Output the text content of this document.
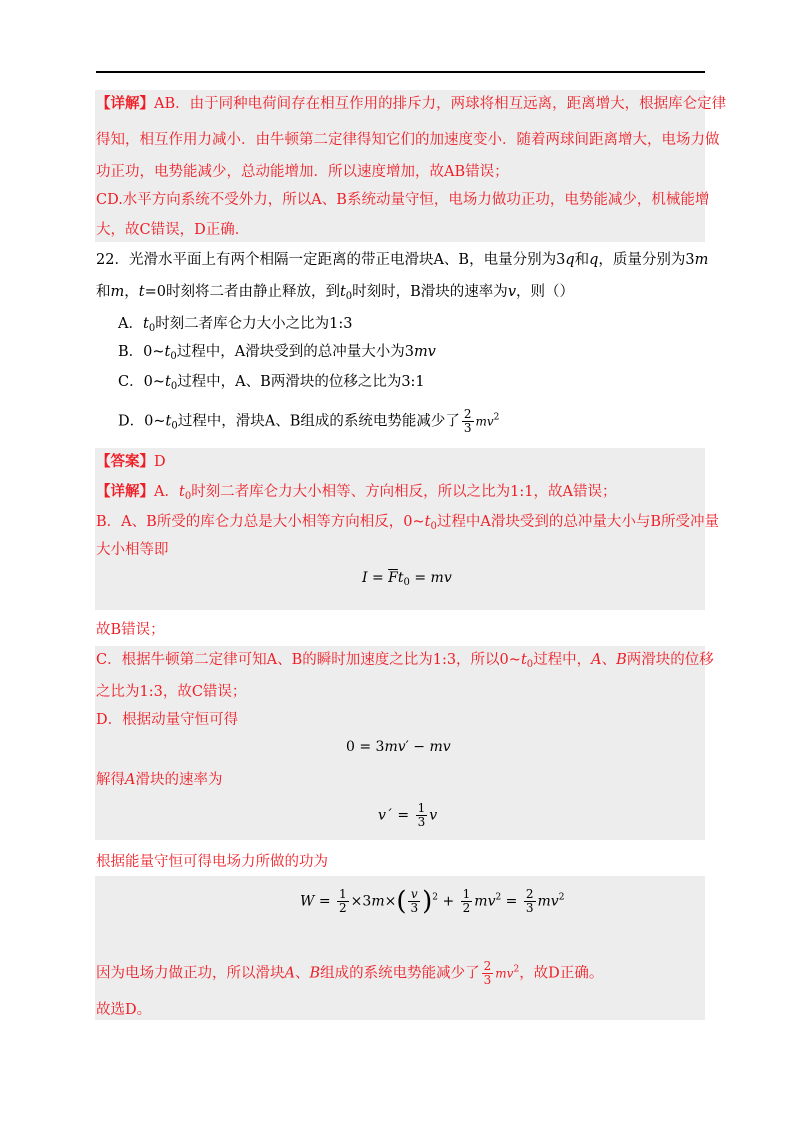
【详解】AB．由于同种电荷间存在相互作用的排斥力，两球将相互远离，距离增大，根据库仑定律
得知，相互作用力减小．由牛顿第二定律得知它们的加速度变小．随着两球间距离增大，电场力做
功正功，电势能减少，总动能增加．所以速度增加，故AB错误；
CD.水平方向系统不受外力，所以A、B系统动量守恒，电场力做功正功，电势能减少，机械能增
大，故C错误，D正确．
22．光滑水平面上有两个相隔一定距离的带正电滑块A、B，电量分别为3q和q，质量分别为3m
和m，t=0时刻将二者由静止释放，到$t_0$时刻时，B滑块的速率为v，则（）
A．$t_0$时刻二者库仑力大小之比为1:3
B．$0\sim t_0$过程中，A滑块受到的总冲量大小为3mv
C．$0\sim t_0$过程中，A、B两滑块的位移之比为3:1
D．$0\sim t_0$过程中，滑块A、B组成的系统电势能减少了 $\frac{2}{3} mv^2$
【答案】D
【详解】A．$t_0$时刻二者库仑力大小相等、方向相反，所以之比为1:1，故A错误；
B．A、B所受的库仑力总是大小相等方向相反，$0\sim t_0$过程中A滑块受到的总冲量大小与B所受冲量
大小相等即
$I = \overline{F}t_0$ = mv
故B错误；
C．根据牛顿第二定律可知A、B的瞬时加速度之比为1:3，所以$0\sim t_0$过程中，A、B两滑块的位移
之比为1:3，故C错误；
D．根据动量守恒可得
0 = 3mv′ − mv
解得A滑块的速率为
vˊ = $\frac{1}{3}$ v
根据能量守恒可得电场力所做的功为
$W = \frac{1}{2} \times 3m\times( \frac{v}{3} )^2 + \frac{1}{2} mv^2 = \frac{2}{3} mv^2$
因为电场力做正功，所以滑块A、B组成的系统电势能减少了 $\frac{2}{3} mv^2$，故D正确。
故选D。
